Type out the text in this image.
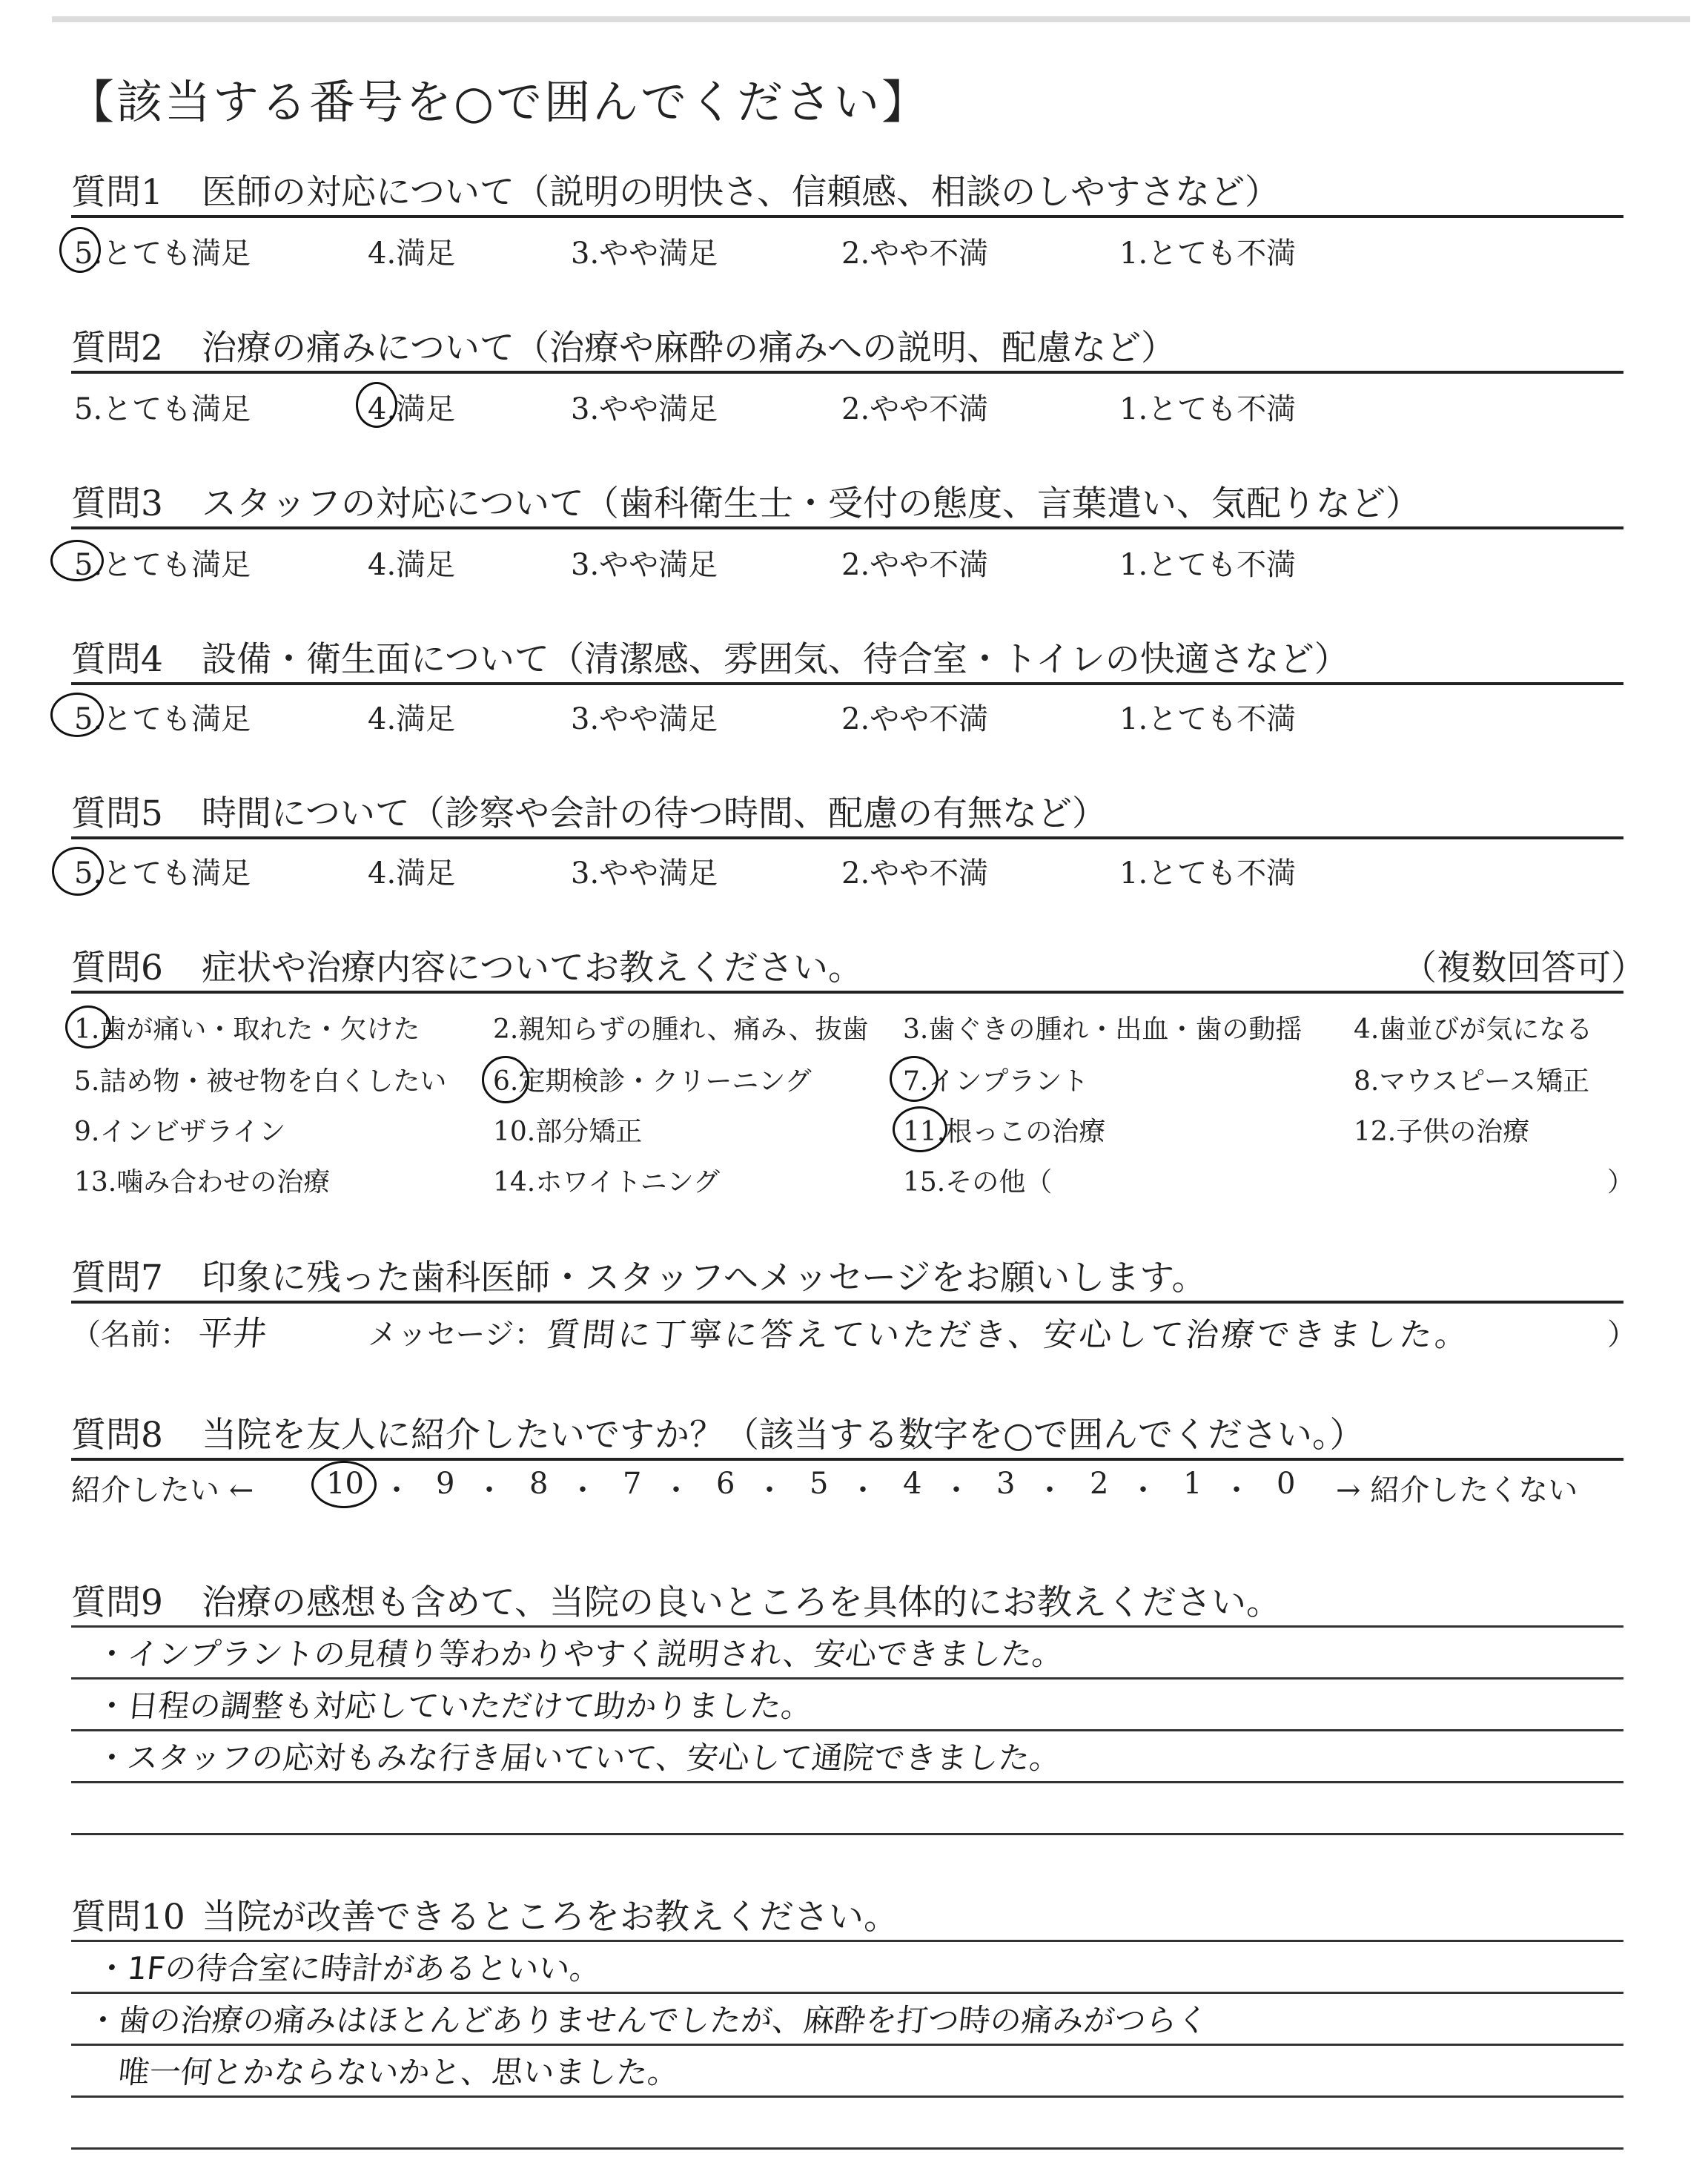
【該当する番号を○で囲んでください】
質問1 医師の対応について（説明の明快さ、信頼感、相談のしやすさなど）
5.とても満足	4.満足	3.やや満足	2.やや不満	1.とても不満
質問2 治療の痛みについて（治療や麻酔の痛みへの説明、配慮など）
5.とても満足	4.満足	3.やや満足	2.やや不満	1.とても不満
質問3 スタッフの対応について（歯科衛生士・受付の態度、言葉遣い、気配りなど）
5.とても満足	4.満足	3.やや満足	2.やや不満	1.とても不満
質問4 設備・衛生面について（清潔感、雰囲気、待合室・トイレの快適さなど）
5.とても満足	4.満足	3.やや満足	2.やや不満	1.とても不満
質問5 時間について（診察や会計の待つ時間、配慮の有無など）
5.とても満足	4.満足	3.やや満足	2.やや不満	1.とても不満
質問6 症状や治療内容についてお教えください。	（複数回答可）
1.歯が痛い・取れた・欠けた	2.親知らずの腫れ、痛み、抜歯 3.歯ぐきの腫れ・出血・歯の動揺 4.歯並びが気になる
5.詰め物・被せ物を白くしたい 6.定期検診・クリーニング	7.インプラント	8.マウスピース矯正
9.インビザライン	10.部分矯正	11.根っこの治療	12.子供の治療
13.噛み合わせの治療	14.ホワイトニング	15.その他（	）
質問7 印象に残った歯科医師・スタッフへメッセージをお願いします。
（名前： 平井	メッセージ： 質問に丁寧に答えていただき、安心して治療できました。	）
質問8 当院を友人に紹介したいですか？（該当する数字を○で囲んでください。）
紹介したい ←	→ 紹介したくない
10 ・ 9 ・ 8 ・ 7 ・ 6 ・ 5 ・ 4 ・ 3 ・ 2 ・ 1 ・ 0
質問9 治療の感想も含めて、当院の良いところを具体的にお教えください。
・インプラントの見積り等わかりやすく説明され、安心できました。
・日程の調整も対応していただけて助かりました。
・スタッフの応対もみな行き届いていて、安心して通院できました。
質問10 当院が改善できるところをお教えください。
・1Fの待合室に時計があるといい。
・歯の治療の痛みはほとんどありませんでしたが、麻酔を打つ時の痛みがつらく
唯一何とかならないかと、思いました。
